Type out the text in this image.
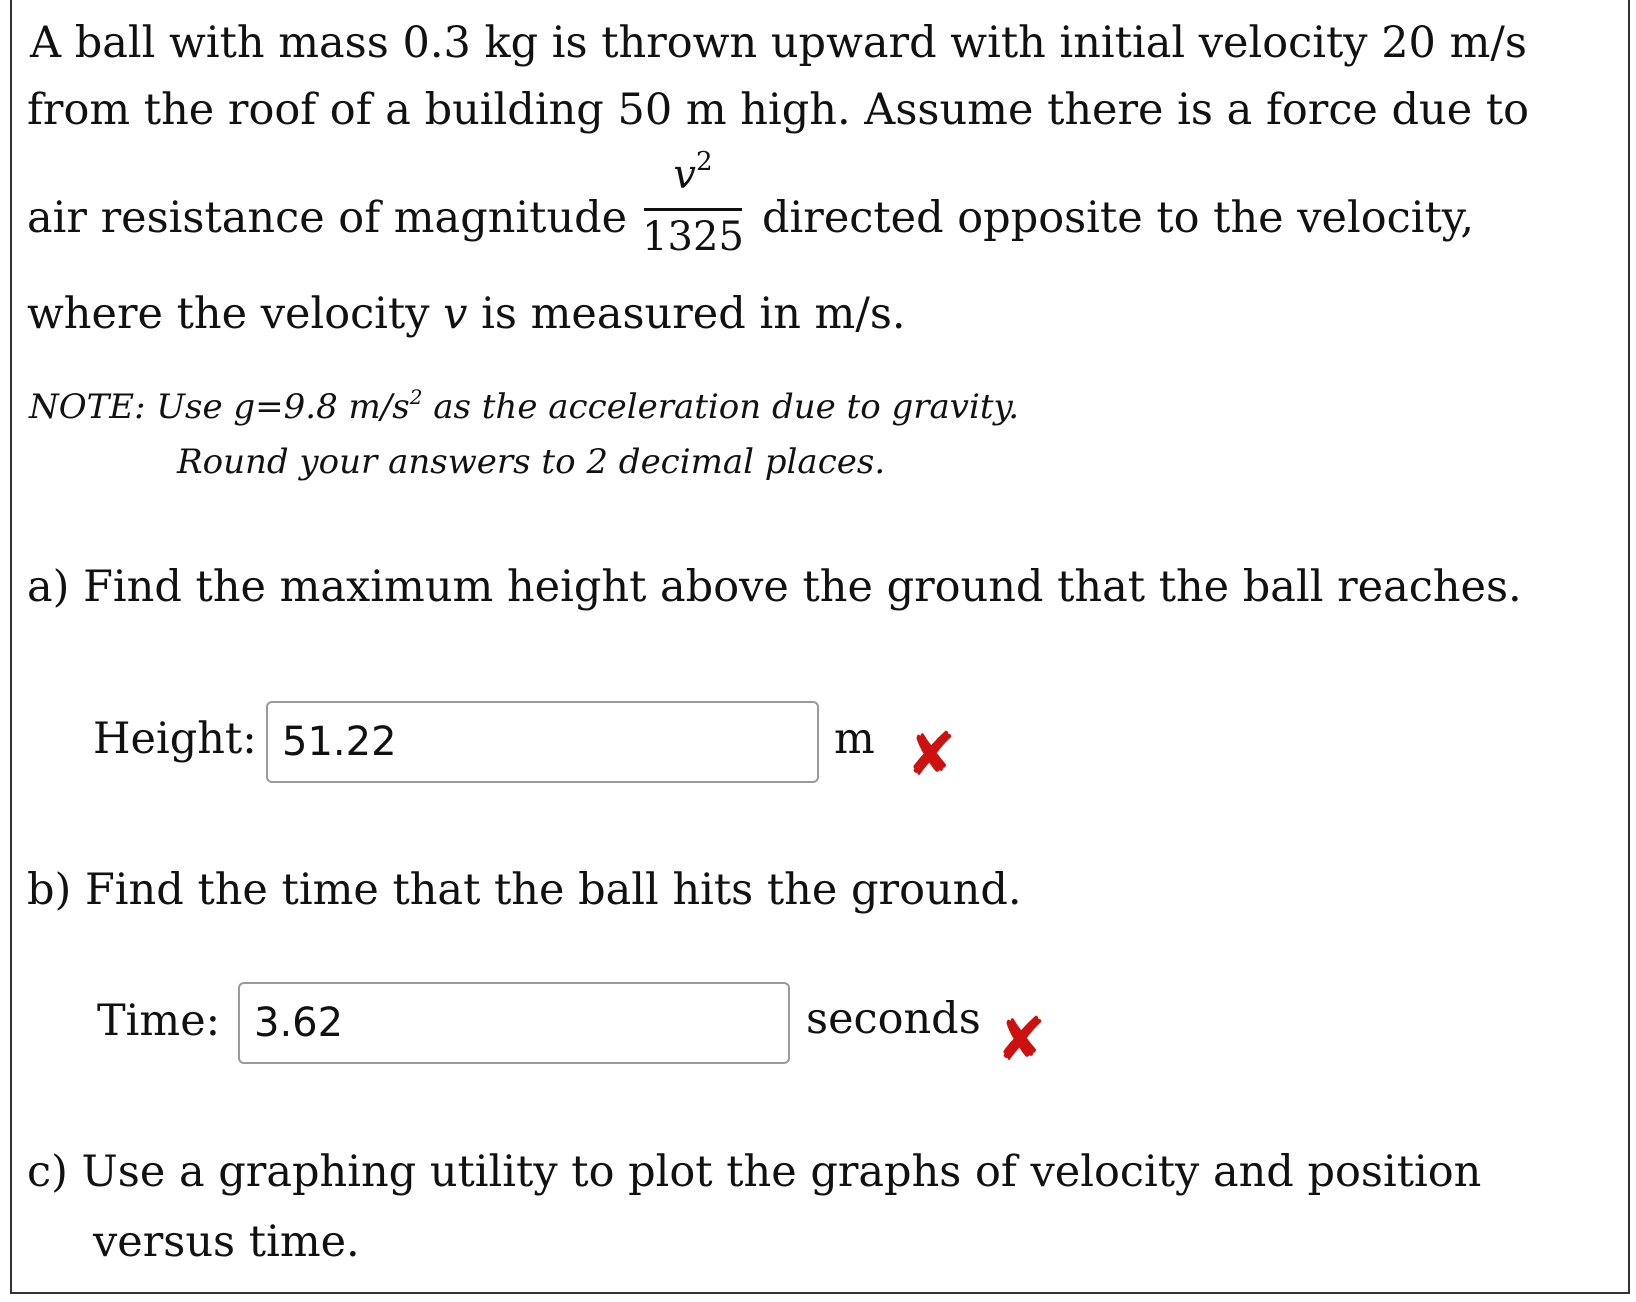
A ball with mass 0.3 kg is thrown upward with initial velocity 20 m/s
from the roof of a building 50 m high. Assume there is a force due to
air resistance of magnitude
$v^2$
1325 directed opposite to the velocity,
where the velocity v is measured in m/s.
NOTE: Use g=9.8 $m/s^2$ as the acceleration due to gravity.
Round your answers to 2 decimal places.
a) Find the maximum height above the ground that the ball reaches.
Height: 51.22	m ✘
b) Find the time that the ball hits the ground.
Time: 3.62	seconds ✘
c) Use a graphing utility to plot the graphs of velocity and position
versus time.
